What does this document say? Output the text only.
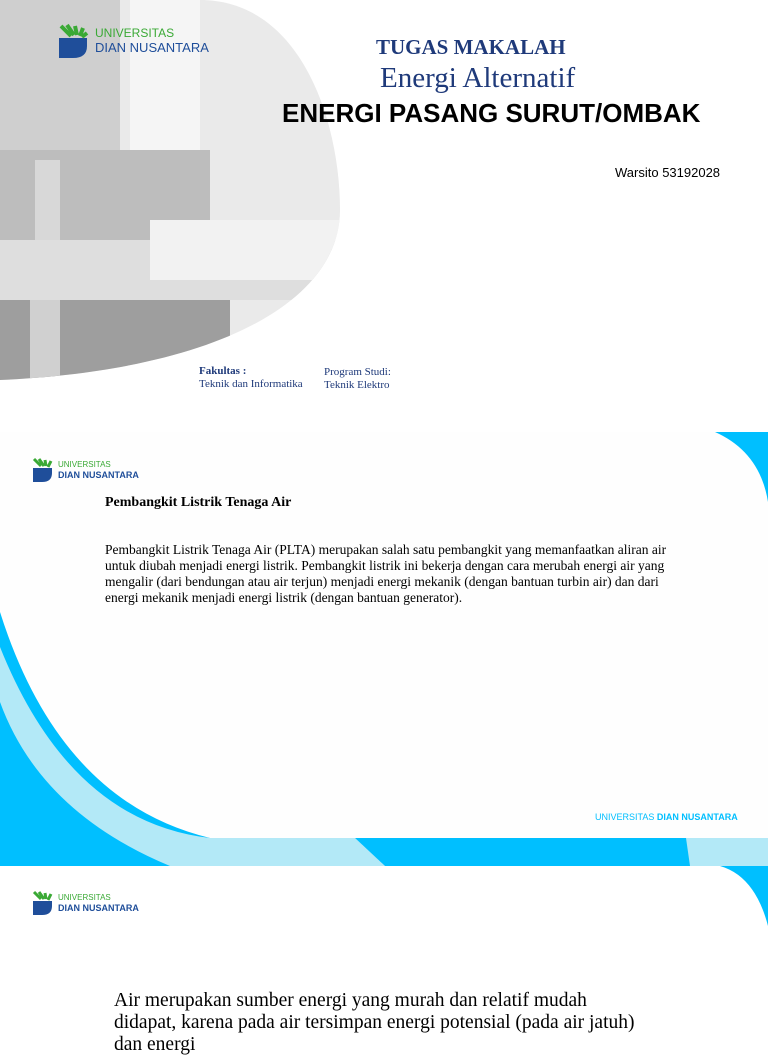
UNIVERSITAS
DIAN NUSANTARA	TUGAS MAKALAH
Energi Alternatif
ENERGI PASANG SURUT/OMBAK
Warsito 53192028
Fakultas :
Teknik dan Informatika
Program Studi:
Teknik Elektro
UNIVERSITAS
DIAN NUSANTARA
Pembangkit Listrik Tenaga Air
Pembangkit Listrik Tenaga Air (PLTA) merupakan salah satu pembangkit yang memanfaatkan aliran air untuk diubah menjadi energi listrik. Pembangkit listrik ini bekerja dengan cara merubah energi air yang mengalir (dari bendungan atau air terjun) menjadi energi mekanik (dengan bantuan turbin air) dan dari energi mekanik menjadi energi listrik (dengan bantuan generator).
UNIVERSITAS DIAN NUSANTARA
UNIVERSITAS
DIAN NUSANTARA
Air merupakan sumber energi yang murah dan relatif mudah didapat, karena pada air tersimpan energi potensial (pada air jatuh) dan energi
